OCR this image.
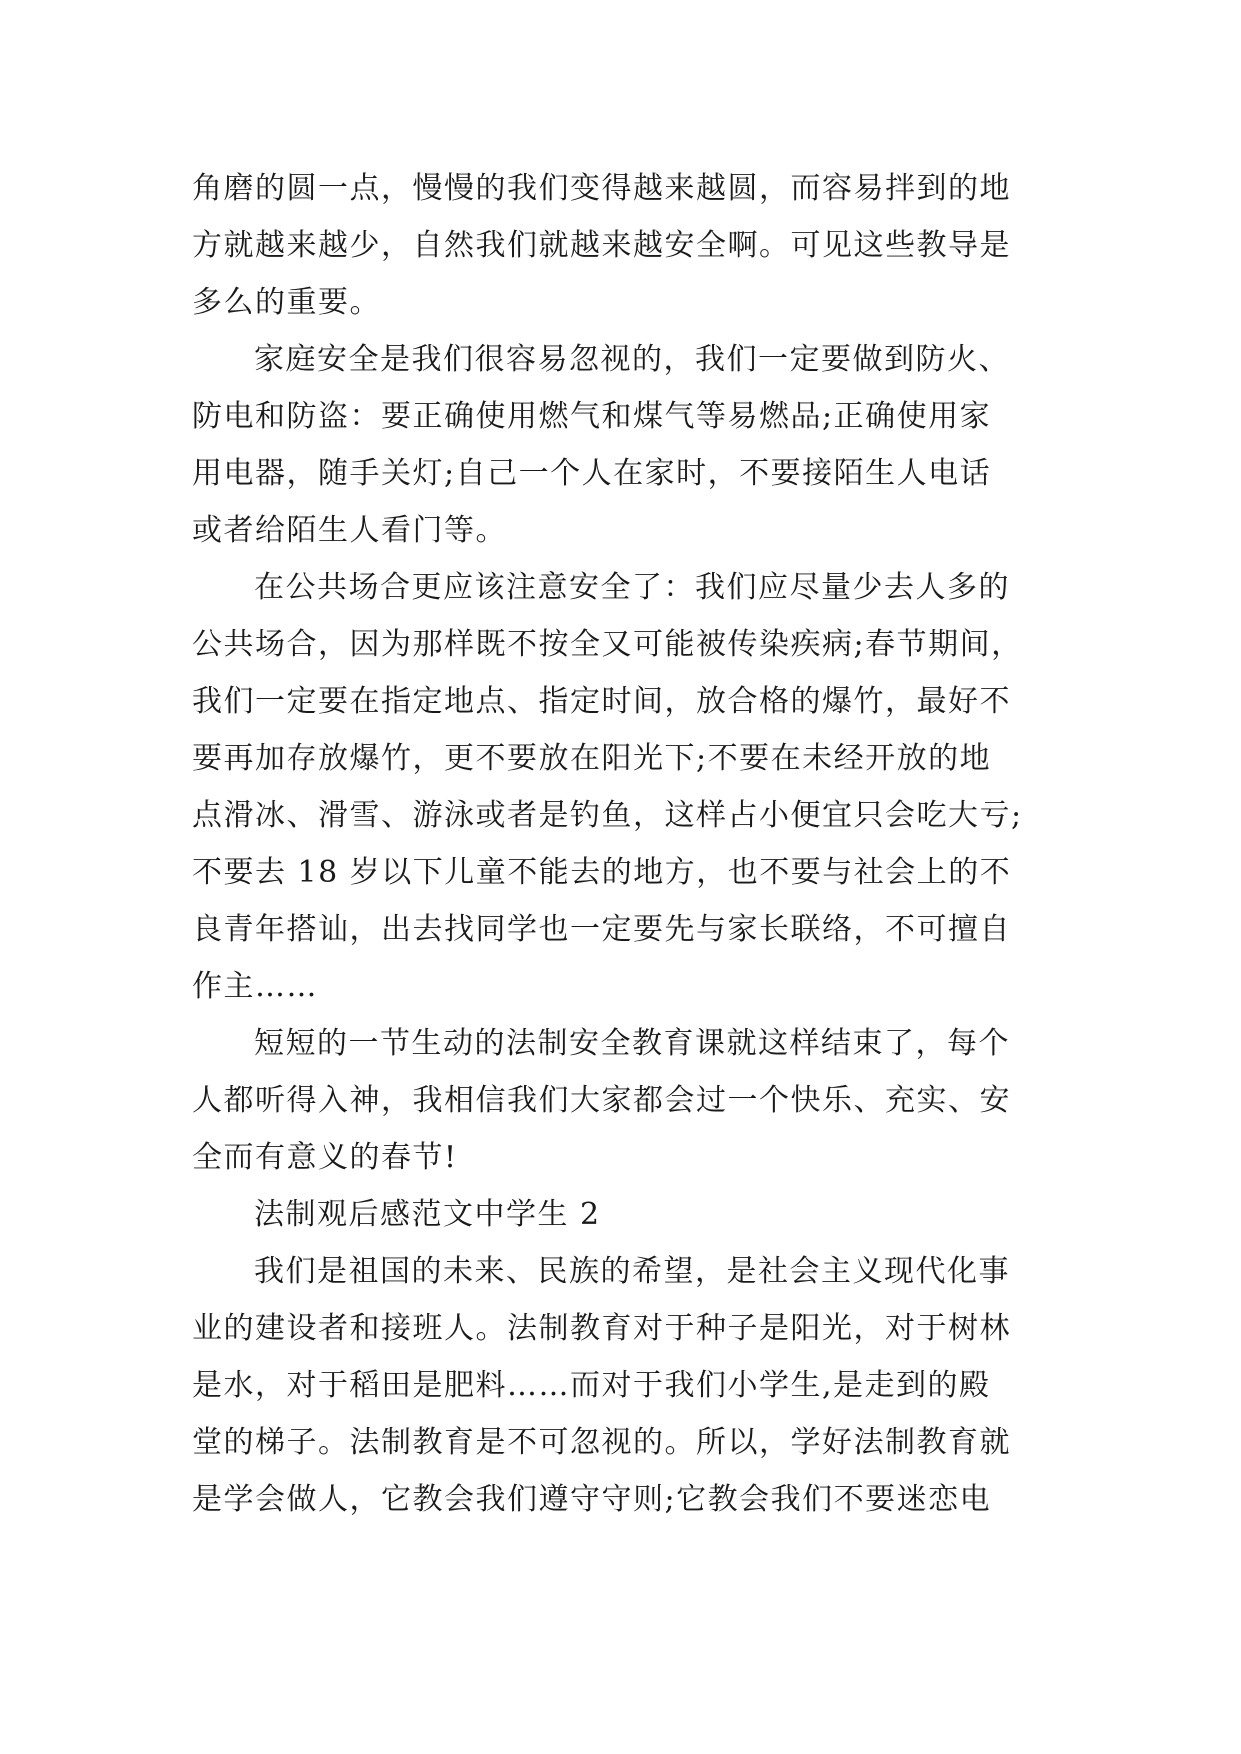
角磨的圆一点，慢慢的我们变得越来越圆，而容易拌到的地
方就越来越少，自然我们就越来越安全啊。可见这些教导是
多么的重要。
家庭安全是我们很容易忽视的，我们一定要做到防火、
防电和防盗：要正确使用燃气和煤气等易燃品;正确使用家
用电器，随手关灯;自己一个人在家时，不要接陌生人电话
或者给陌生人看门等。
在公共场合更应该注意安全了：我们应尽量少去人多的
公共场合，因为那样既不按全又可能被传染疾病;春节期间，
我们一定要在指定地点、指定时间，放合格的爆竹，最好不
要再加存放爆竹，更不要放在阳光下;不要在未经开放的地
点滑冰、滑雪、游泳或者是钓鱼，这样占小便宜只会吃大亏;
不要去 18 岁以下儿童不能去的地方，也不要与社会上的不
良青年搭讪，出去找同学也一定要先与家长联络，不可擅自
作主……
短短的一节生动的法制安全教育课就这样结束了，每个
人都听得入神，我相信我们大家都会过一个快乐、充实、安
全而有意义的春节!
法制观后感范文中学生 2
我们是祖国的未来、民族的希望，是社会主义现代化事
业的建设者和接班人。法制教育对于种子是阳光，对于树林
是水，对于稻田是肥料……而对于我们小学生,是走到的殿
堂的梯子。法制教育是不可忽视的。所以，学好法制教育就
是学会做人，它教会我们遵守守则;它教会我们不要迷恋电
